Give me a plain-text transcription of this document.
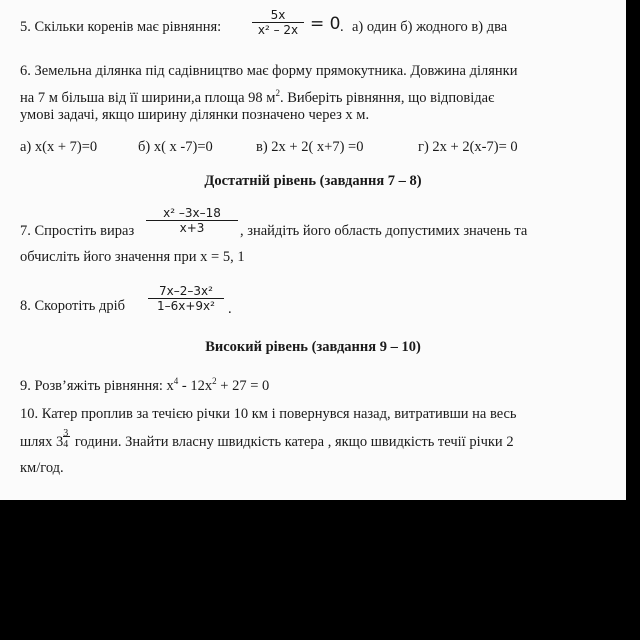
5. Скільки коренів має рівняння:
5x
x² – 2x = 0 . а) один б) жодного в) два
6. Земельна ділянка під садівництво має форму прямокутника. Довжина ділянки
на 7 м більша від її ширини,а площа 98 $м^2$. Виберіть рівняння, що відповідає
умові задачі, якщо ширину ділянки позначено через х м.
а) х(х + 7)=0	б) х( х -7)=0	в) 2х + 2( х+7) =0	г) 2х + 2(х-7)= 0
Достатній рівень (завдання 7 – 8)
7. Спростіть вираз
x² –3x–18
x+3	, знайдіть його область допустимих значень та
обчисліть його значення при х = 5, 1
8. Скоротіть дріб
7x–2–3x²
1–6x+9x² .
Високий рівень (завдання 9 – 10)
9. Розв’яжіть рівняння: $х^4 - 12х^2 + 27 = 0$
10. Катер проплив за течією річки 10 км і повернувся назад, витративши на весь
шлях $3 \frac{3}{4}$ години. Знайти власну швидкість катера , якщо швидкість течії річки 2
км/год.
